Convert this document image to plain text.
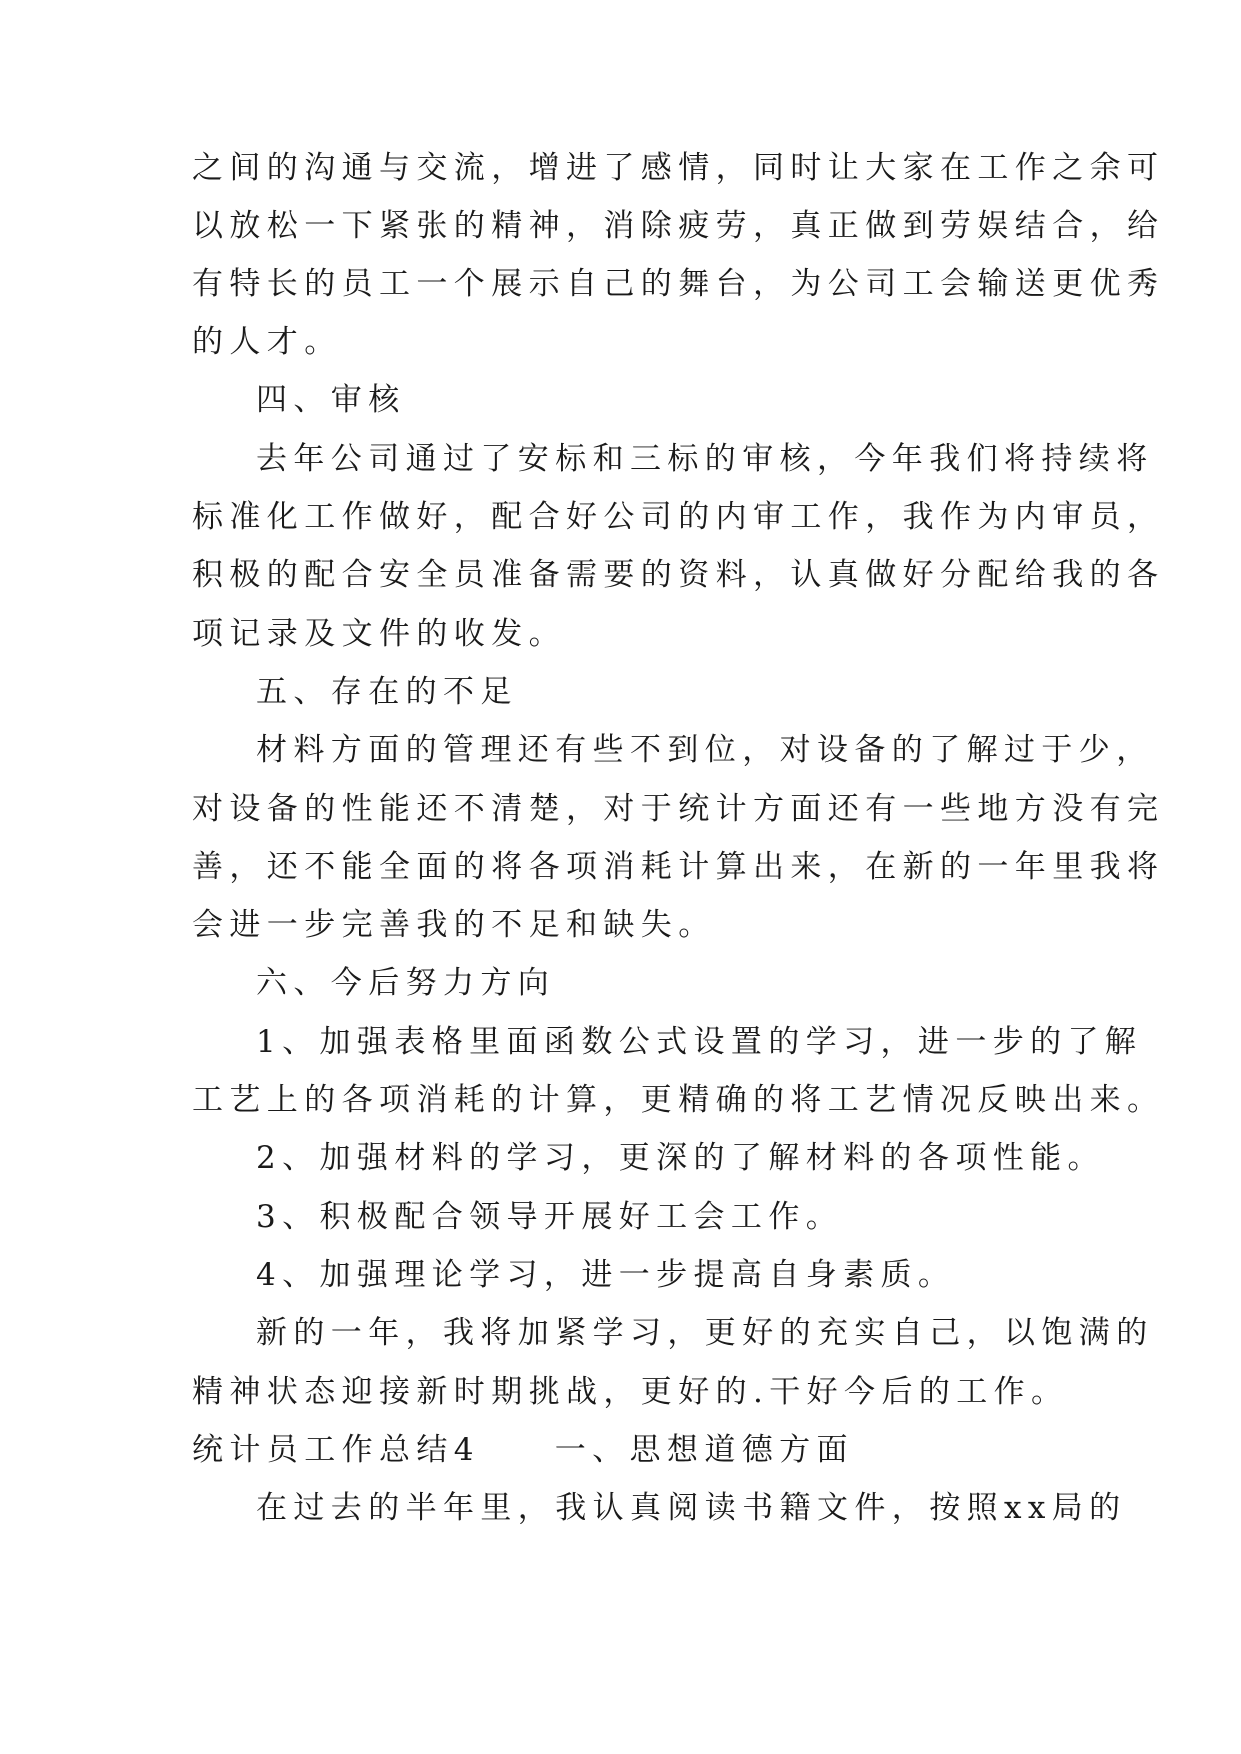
之间的沟通与交流，增进了感情，同时让大家在工作之余可
以放松一下紧张的精神，消除疲劳，真正做到劳娱结合，给
有特长的员工一个展示自己的舞台，为公司工会输送更优秀
的人才。
四、审核
去年公司通过了安标和三标的审核，今年我们将持续将
标准化工作做好，配合好公司的内审工作，我作为内审员，
积极的配合安全员准备需要的资料，认真做好分配给我的各
项记录及文件的收发。
五、存在的不足
材料方面的管理还有些不到位，对设备的了解过于少，
对设备的性能还不清楚，对于统计方面还有一些地方没有完
善，还不能全面的将各项消耗计算出来，在新的一年里我将
会进一步完善我的不足和缺失。
六、今后努力方向
1、加强表格里面函数公式设置的学习，进一步的了解
工艺上的各项消耗的计算，更精确的将工艺情况反映出来。
2、加强材料的学习，更深的了解材料的各项性能。
3、积极配合领导开展好工会工作。
4、加强理论学习，进一步提高自身素质。
新的一年，我将加紧学习，更好的充实自己，以饱满的
精神状态迎接新时期挑战，更好的.干好今后的工作。
统计员工作总结4　　一、思想道德方面
在过去的半年里，我认真阅读书籍文件，按照xx局的
